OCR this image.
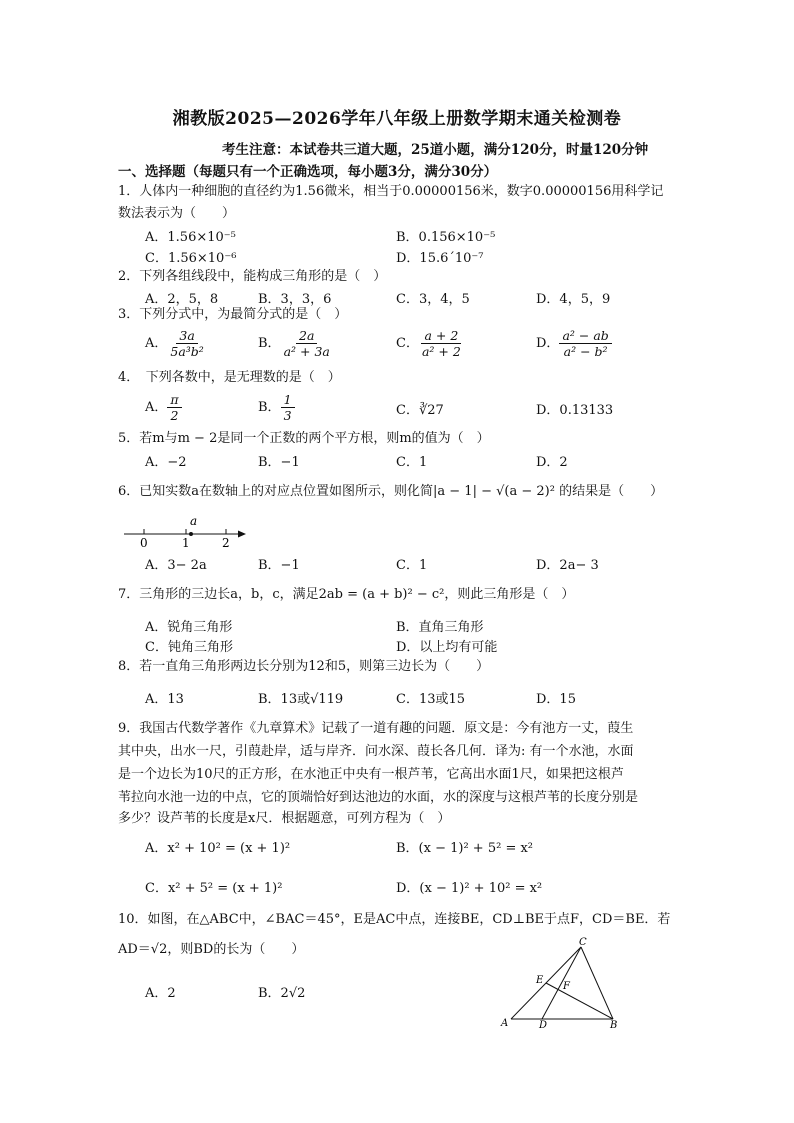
湘教版2025—2026学年八年级上册数学期末通关检测卷
考生注意：本试卷共三道大题，25道小题，满分120分，时量120分钟
一、选择题（每题只有一个正确选项，每小题3分，满分30分）
1．人体内一种细胞的直径约为1.56微米，相当于0.00000156米，数字0.00000156用科学记
数法表示为（　　）
A．1.56×10⁻⁵	B．0.156×10⁻⁵
C．1.56×10⁻⁶	D．15.6´10⁻⁷
2．下列各组线段中，能构成三角形的是（　）
A．2，5，8	B．3，3，6	C．3，4，5	D．4，5，9
3．下列分式中，为最简分式的是（　）
A． $\frac{3a}{\text{5a³b²}}$	B． $\frac{2a}{\text{a² + 3a}}$	C． $\frac{a + 2}{\text{a² + 2}}$	D． $\frac{\text{a² − ab}}{\text{a² − b²}}$
4．　下列各数中，是无理数的是（　）
A． $\frac{\pi}{2}$	B． $\frac{1}{3}$	C．∛27	D．0.13133
5．若m与m − 2是同一个正数的两个平方根，则m的值为（　）
A．−2	B．−1	C．1	D．2
6．已知实数a在数轴上的对应点位置如图所示，则化简|a − 1| − √(a − 2)² 的结果是（　　）
a
0	1	2
A．3− 2a	B．−1	C．1	D．2a− 3
7．三角形的三边长a，b，c，满足2ab = (a + b)² − c²，则此三角形是（　）
A．锐角三角形	B．直角三角形
C．钝角三角形	D．以上均有可能
8．若一直角三角形两边长分别为12和5，则第三边长为（　　）
A．13	B．13或√119	C．13或15	D．15
9．我国古代数学著作《九章算术》记载了一道有趣的问题．原文是：今有池方一丈，葭生
其中央，出水一尺，引葭赴岸，适与岸齐．问水深、葭长各几何．译为: 有一个水池，水面
是一个边长为10尺的正方形，在水池正中央有一根芦苇，它高出水面1尺，如果把这根芦
苇拉向水池一边的中点，它的顶端恰好到达池边的水面，水的深度与这根芦苇的长度分别是
多少？设芦苇的长度是x尺．根据题意，可列方程为（　）
A．x² + 10² = (x + 1)²	B．(x − 1)² + 5² = x²
C．x² + 5² = (x + 1)²	D．(x − 1)² + 10² = x²
10．如图，在△ABC中，∠BAC＝45°，E是AC中点，连接BE，CD⊥BE于点F，CD＝BE．若
AD＝√2，则BD的长为（　　）
A．2	B．2√2
C
E
F
A	D	B
